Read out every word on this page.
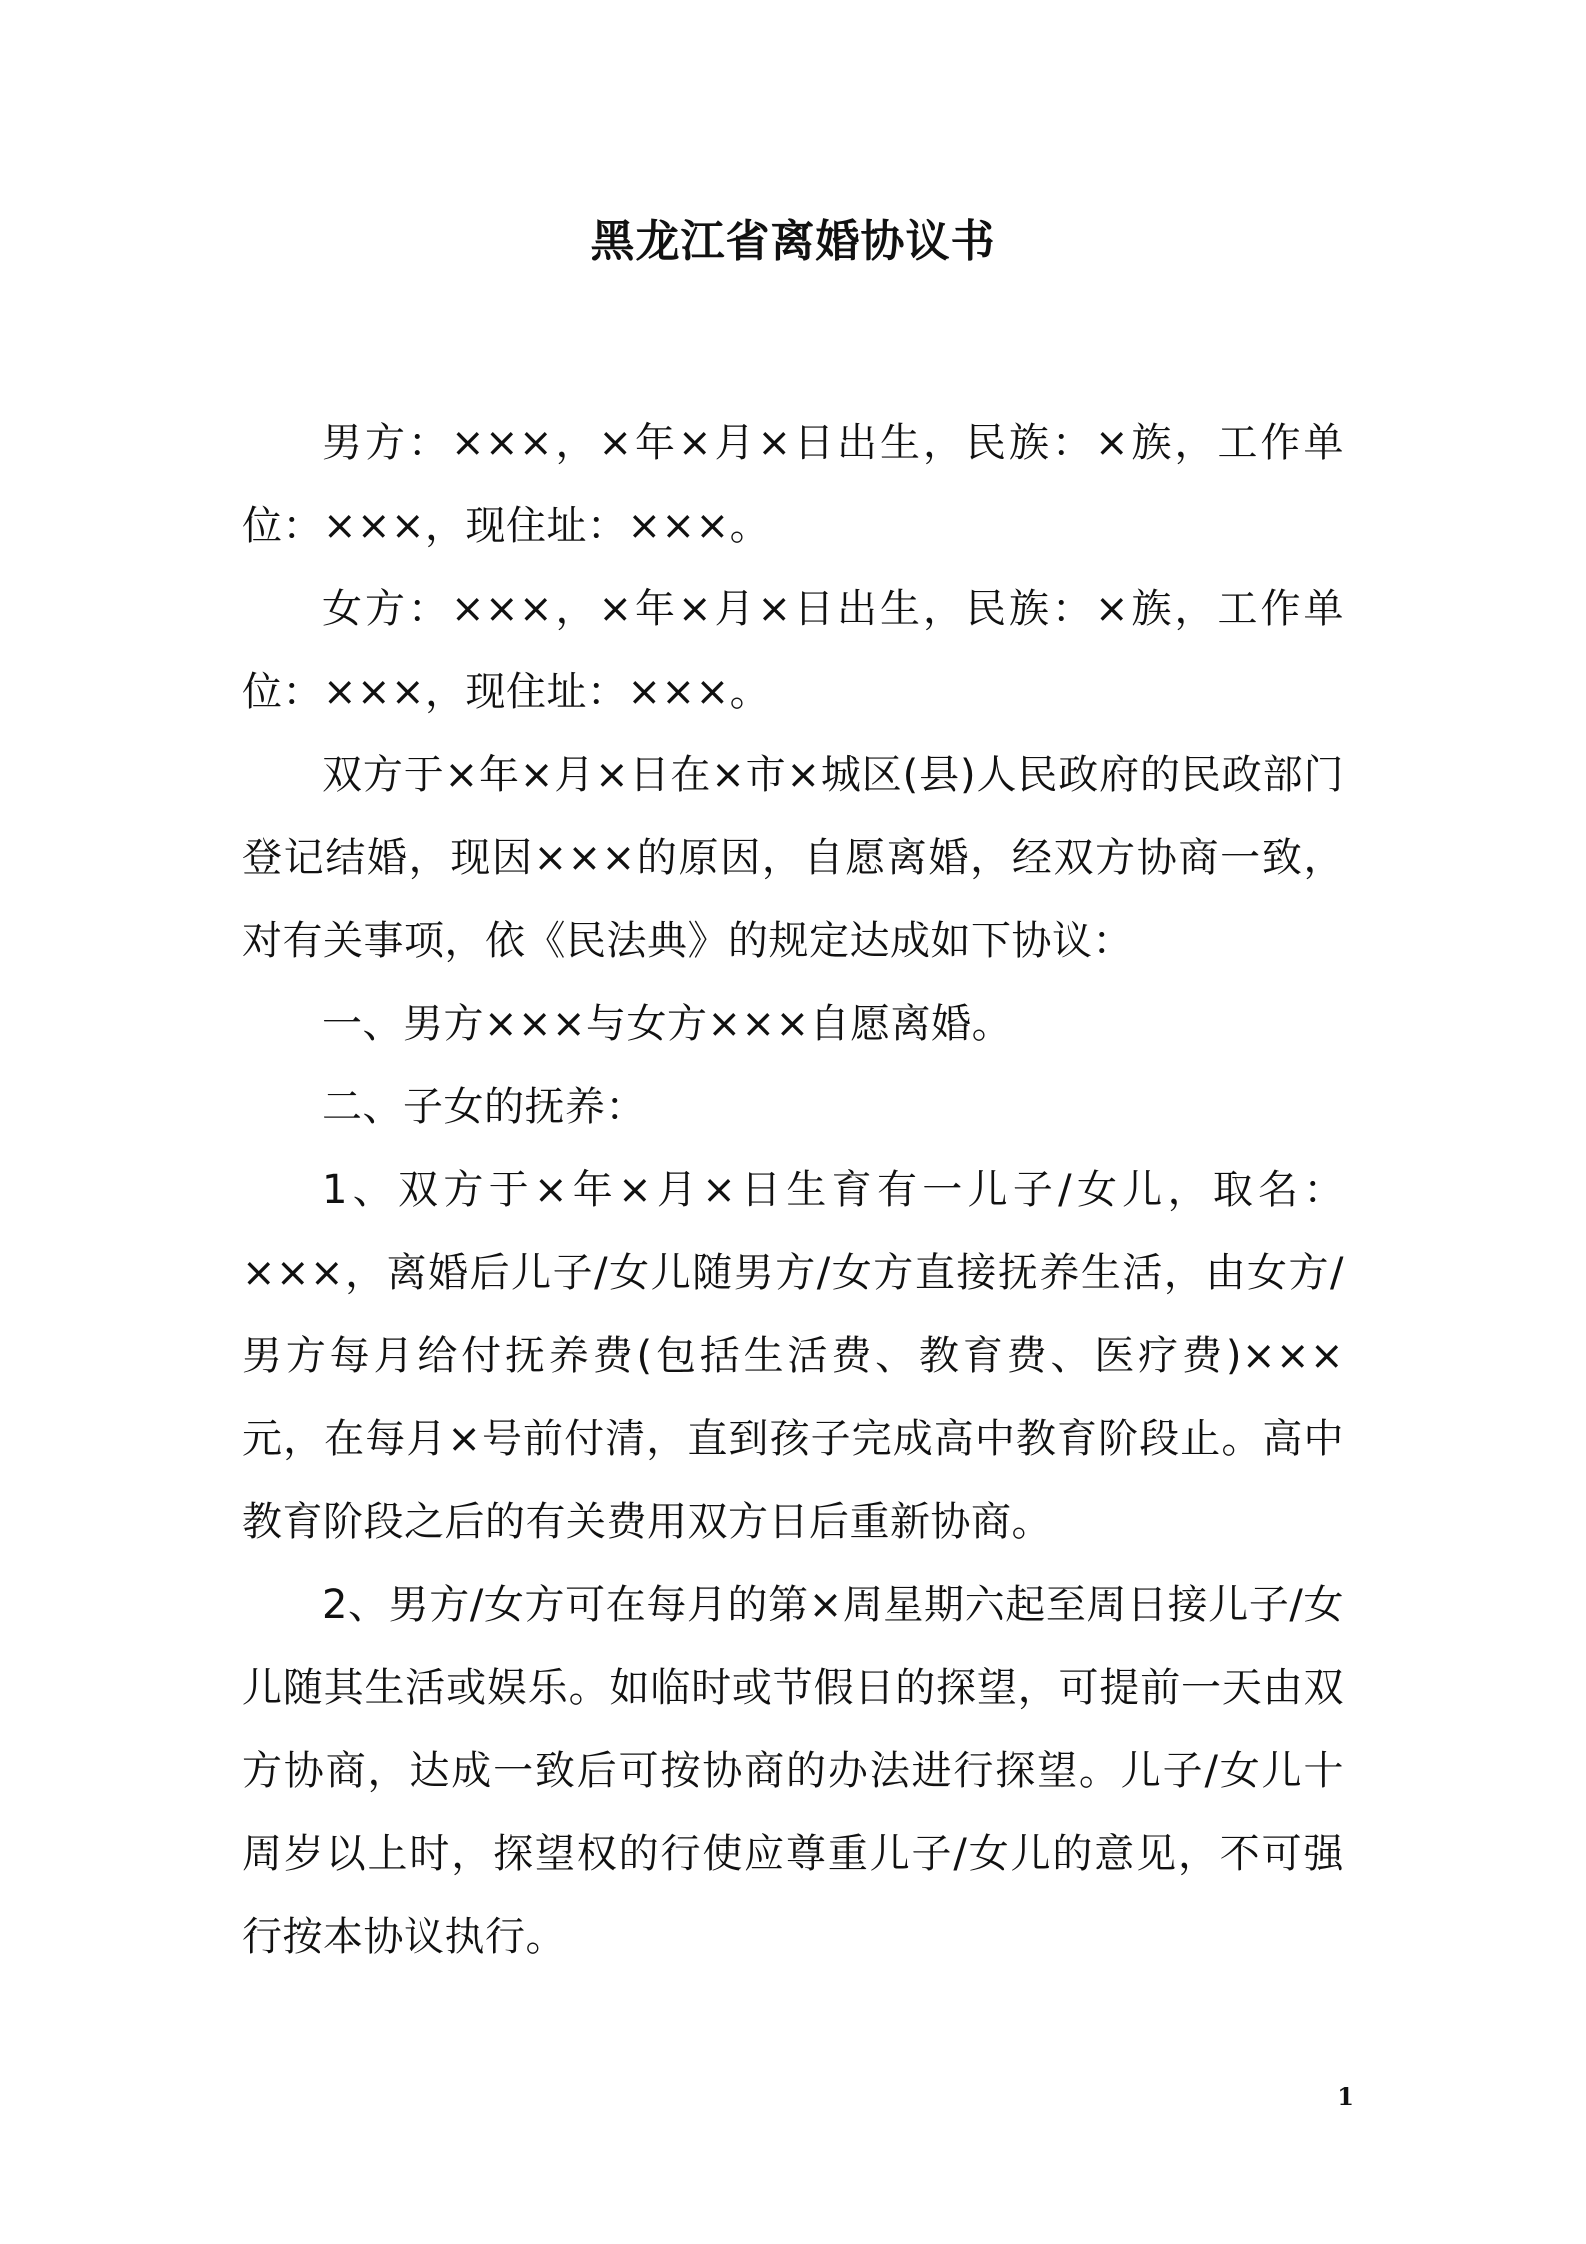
黑龙江省离婚协议书

男方：×××，×年×月×日出生，民族：×族，工作单位：×××，现住址：×××。

女方：×××，×年×月×日出生，民族：×族，工作单位：×××，现住址：×××。

双方于×年×月×日在×市×城区(县)人民政府的民政部门登记结婚，现因×××的原因，自愿离婚，经双方协商一致，对有关事项，依《民法典》的规定达成如下协议：

一、男方×××与女方×××自愿离婚。

二、子女的抚养：

1、双方于×年×月×日生育有一儿子/女儿，取名：×××，离婚后儿子/女儿随男方/女方直接抚养生活，由女方/男方每月给付抚养费(包括生活费、教育费、医疗费)×××元，在每月×号前付清，直到孩子完成高中教育阶段止。高中教育阶段之后的有关费用双方日后重新协商。

2、男方/女方可在每月的第×周星期六起至周日接儿子/女儿随其生活或娱乐。如临时或节假日的探望，可提前一天由双方协商，达成一致后可按协商的办法进行探望。儿子/女儿十周岁以上时，探望权的行使应尊重儿子/女儿的意见，不可强行按本协议执行。

1
